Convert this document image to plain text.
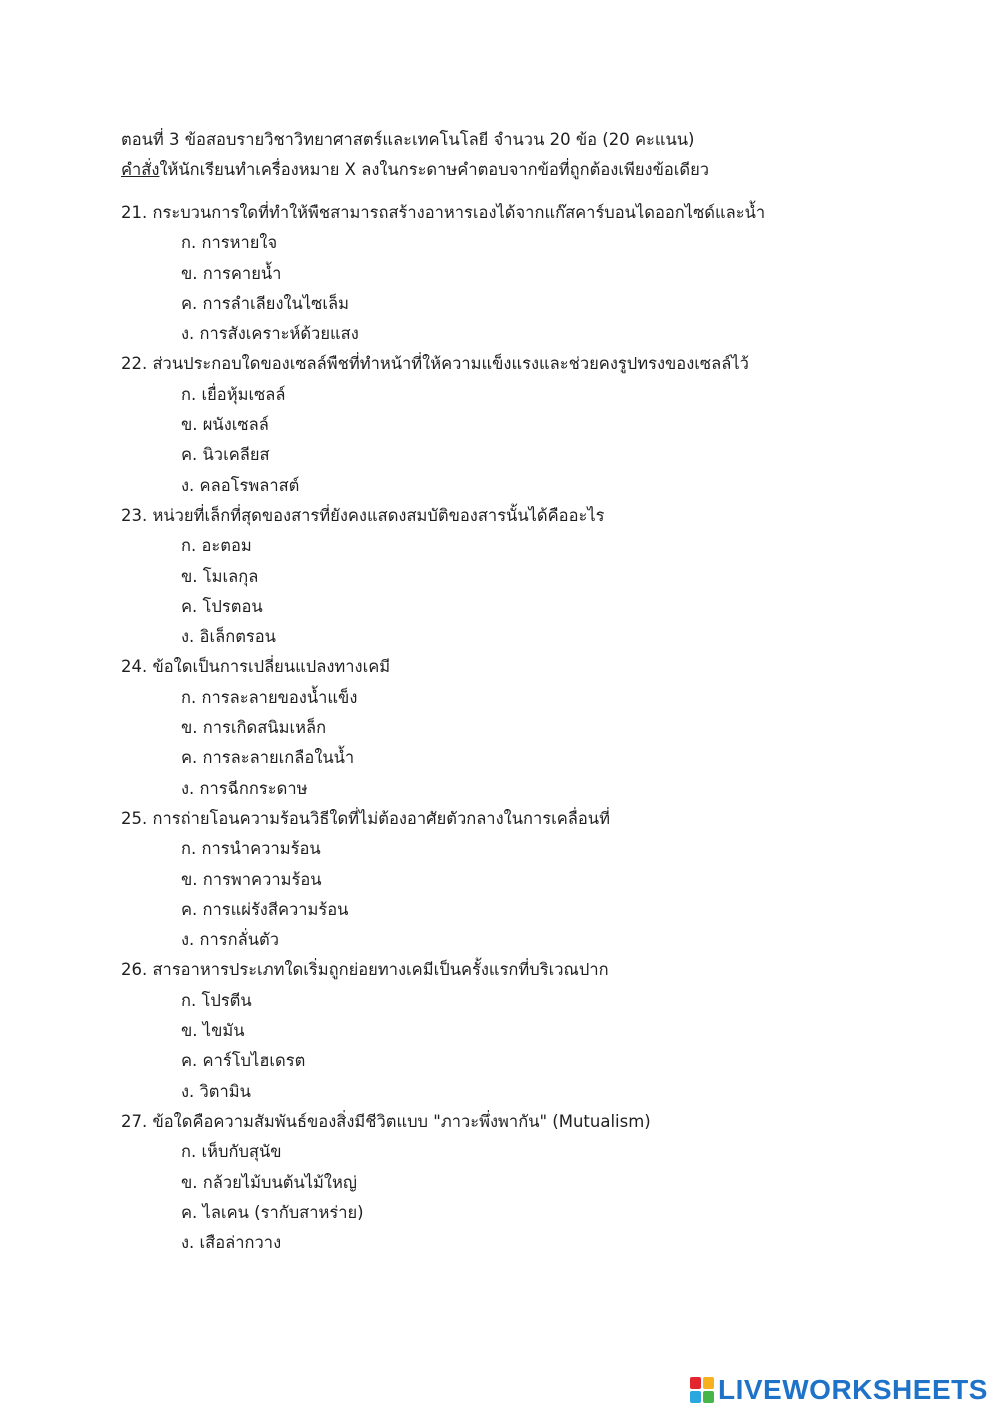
ตอนที่ 3 ข้อสอบรายวิชาวิทยาศาสตร์และเทคโนโลยี จำนวน 20 ข้อ (20 คะแนน)
คำสั่งให้นักเรียนทำเครื่องหมาย X ลงในกระดาษคำตอบจากข้อที่ถูกต้องเพียงข้อเดียว
21. กระบวนการใดที่ทำให้พืชสามารถสร้างอาหารเองได้จากแก๊สคาร์บอนไดออกไซด์และน้ำ
ก. การหายใจ
ข. การคายน้ำ
ค. การลำเลียงในไซเล็ม
ง. การสังเคราะห์ด้วยแสง
22. ส่วนประกอบใดของเซลล์พืชที่ทำหน้าที่ให้ความแข็งแรงและช่วยคงรูปทรงของเซลล์ไว้
ก. เยื่อหุ้มเซลล์
ข. ผนังเซลล์
ค. นิวเคลียส
ง. คลอโรพลาสต์
23. หน่วยที่เล็กที่สุดของสารที่ยังคงแสดงสมบัติของสารนั้นได้คืออะไร
ก. อะตอม
ข. โมเลกุล
ค. โปรตอน
ง. อิเล็กตรอน
24. ข้อใดเป็นการเปลี่ยนแปลงทางเคมี
ก. การละลายของน้ำแข็ง
ข. การเกิดสนิมเหล็ก
ค. การละลายเกลือในน้ำ
ง. การฉีกกระดาษ
25. การถ่ายโอนความร้อนวิธีใดที่ไม่ต้องอาศัยตัวกลางในการเคลื่อนที่
ก. การนำความร้อน
ข. การพาความร้อน
ค. การแผ่รังสีความร้อน
ง. การกลั่นตัว
26. สารอาหารประเภทใดเริ่มถูกย่อยทางเคมีเป็นครั้งแรกที่บริเวณปาก
ก. โปรตีน
ข. ไขมัน
ค. คาร์โบไฮเดรต
ง. วิตามิน
27. ข้อใดคือความสัมพันธ์ของสิ่งมีชีวิตแบบ "ภาวะพึ่งพากัน" (Mutualism)
ก. เห็บกับสุนัข
ข. กล้วยไม้บนต้นไม้ใหญ่
ค. ไลเคน (รากับสาหร่าย)
ง. เสือล่ากวาง
LIVEWORKSHEETS
